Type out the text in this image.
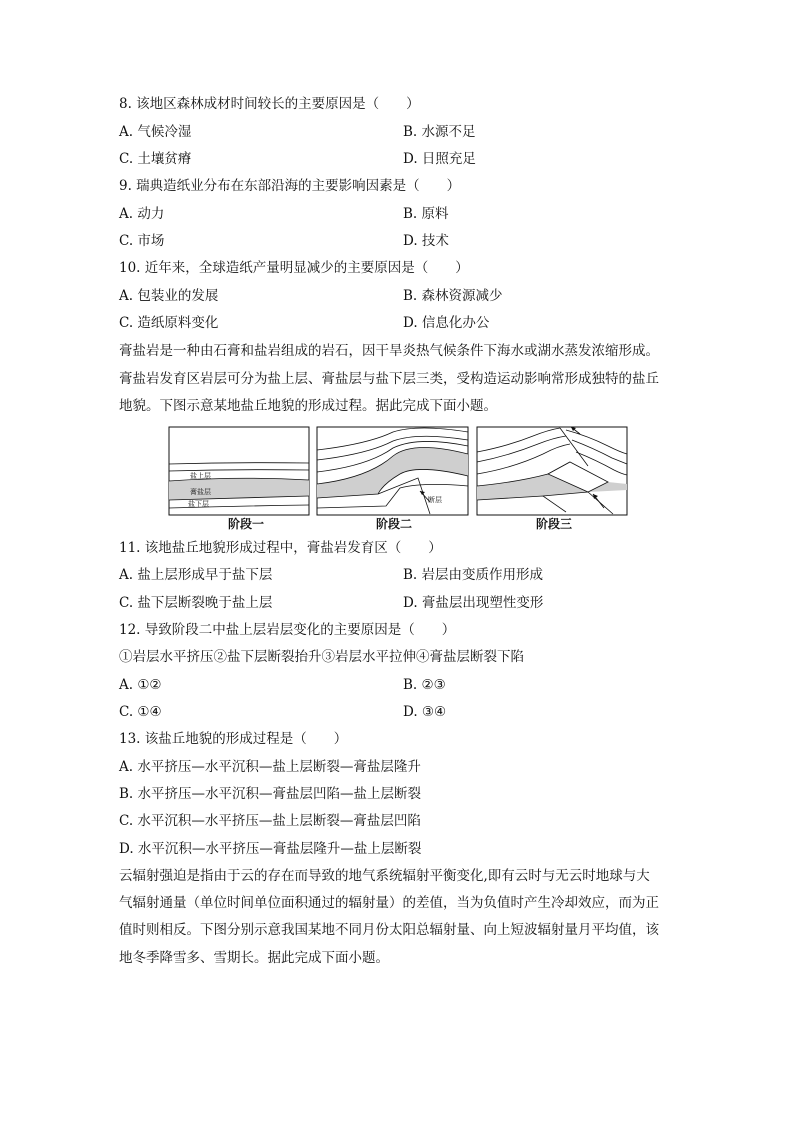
8. 该地区森林成材时间较长的主要原因是（　　）
A. 气候冷湿	B. 水源不足
C. 土壤贫瘠	D. 日照充足
9. 瑞典造纸业分布在东部沿海的主要影响因素是（　　）
A. 动力	B. 原料
C. 市场	D. 技术
10. 近年来，全球造纸产量明显减少的主要原因是（　　）
A. 包装业的发展	B. 森林资源减少
C. 造纸原料变化	D. 信息化办公
膏盐岩是一种由石膏和盐岩组成的岩石，因干旱炎热气候条件下海水或湖水蒸发浓缩形成。
膏盐岩发育区岩层可分为盐上层、膏盐层与盐下层三类，受构造运动影响常形成独特的盐丘
地貌。下图示意某地盐丘地貌的形成过程。据此完成下面小题。
盐上层
膏盐层
盐下层	断层
阶段一	阶段二	阶段三
11. 该地盐丘地貌形成过程中，膏盐岩发育区（　　）
A. 盐上层形成早于盐下层	B. 岩层由变质作用形成
C. 盐下层断裂晚于盐上层	D. 膏盐层出现塑性变形
12. 导致阶段二中盐上层岩层变化的主要原因是（　　）
①岩层水平挤压②盐下层断裂抬升③岩层水平拉伸④膏盐层断裂下陷
A. ①②	B. ②③
C. ①④	D. ③④
13. 该盐丘地貌的形成过程是（　　）
A. 水平挤压—水平沉积—盐上层断裂—膏盐层隆升
B. 水平挤压—水平沉积—膏盐层凹陷—盐上层断裂
C. 水平沉积—水平挤压—盐上层断裂—膏盐层凹陷
D. 水平沉积—水平挤压—膏盐层隆升—盐上层断裂
云辐射强迫是指由于云的存在而导致的地气系统辐射平衡变化,即有云时与无云时地球与大
气辐射通量（单位时间单位面积通过的辐射量）的差值，当为负值时产生冷却效应，而为正
值时则相反。下图分别示意我国某地不同月份太阳总辐射量、向上短波辐射量月平均值，该
地冬季降雪多、雪期长。据此完成下面小题。
